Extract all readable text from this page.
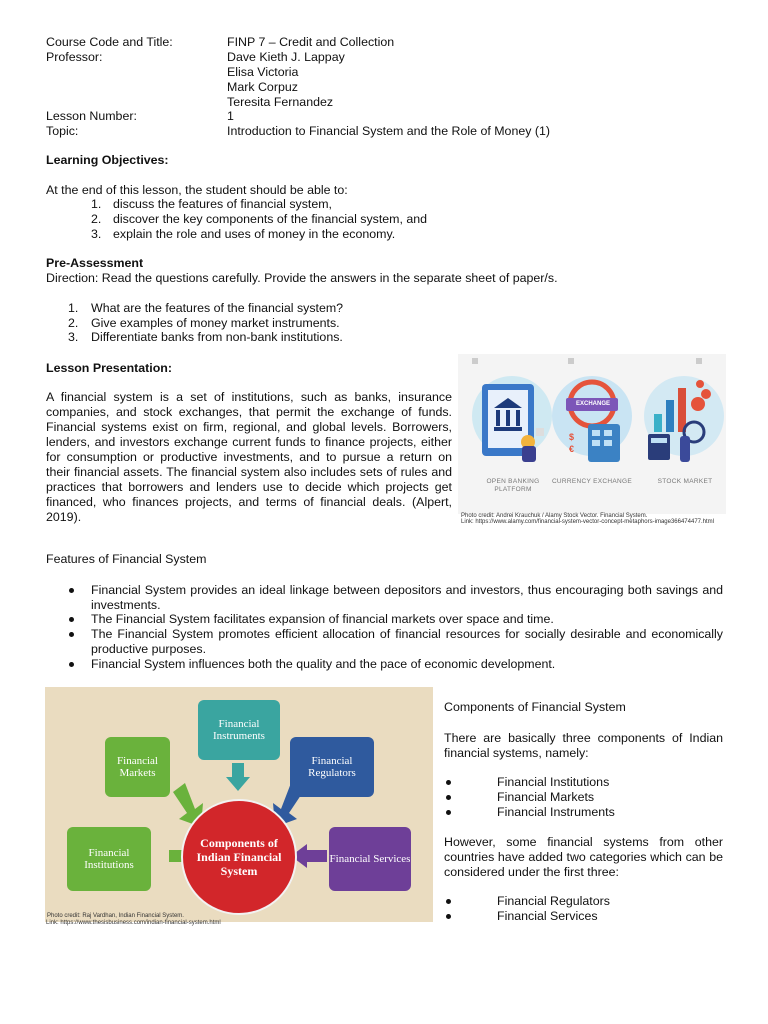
Course Code and Title:	FINP 7 – Credit and Collection
Professor:	Dave Kieth J. Lappay
Elisa Victoria
Mark Corpuz
Teresita Fernandez
Lesson Number:	1
Topic:	Introduction to Financial System and the Role of Money (1)
Learning Objectives:
At the end of this lesson, the student should be able to:
1. discuss the features of financial system,
2. discover the key components of the financial system, and
3. explain the role and uses of money in the economy.
Pre-Assessment
Direction: Read the questions carefully. Provide the answers in the separate sheet of paper/s.
1. What are the features of the financial system?
2. Give examples of money market instruments.
3. Differentiate banks from non-bank institutions.
Lesson Presentation:
A financial system is a set of institutions, such as banks, insurance companies, and stock exchanges, that permit the exchange of funds. Financial systems exist on firm, regional, and global levels. Borrowers, lenders, and investors exchange current funds to finance projects, either for consumption or productive investments, and to pursue a return on their financial assets. The financial system also includes sets of rules and practices that borrowers and lenders use to decide which projects get financed, who finances projects, and terms of financial deals. (Alpert, 2019).
$
€
EXCHANGE
OPEN BANKING PLATFORM
CURRENCY EXCHANGE	STOCK MARKET
Photo credit: Andrei Krauchuk / Alamy Stock Vector. Financial System.
Link: https://www.alamy.com/financial-system-vector-concept-metaphors-image366474477.html
Features of Financial System
Financial System provides an ideal linkage between depositors and investors, thus encouraging both savings and investments.
The Financial System facilitates expansion of financial markets over space and time.
The Financial System promotes efficient allocation of financial resources for socially desirable and economically productive purposes.
Financial System influences both the quality and the pace of economic development.
Financial Instruments
Financial Markets
Financial Regulators
Financial Institutions	Financial Services
Components of Indian Financial System
Photo credit: Raj Vardhan, Indian Financial System.
Link: https://www.thesisbusiness.com/indian-financial-system.html
Components of Financial System
There are basically three components of Indian financial systems, namely:
Financial Institutions
Financial Markets
Financial Instruments
However, some financial systems from other countries have added two categories which can be considered under the first three:
Financial Regulators
Financial Services
